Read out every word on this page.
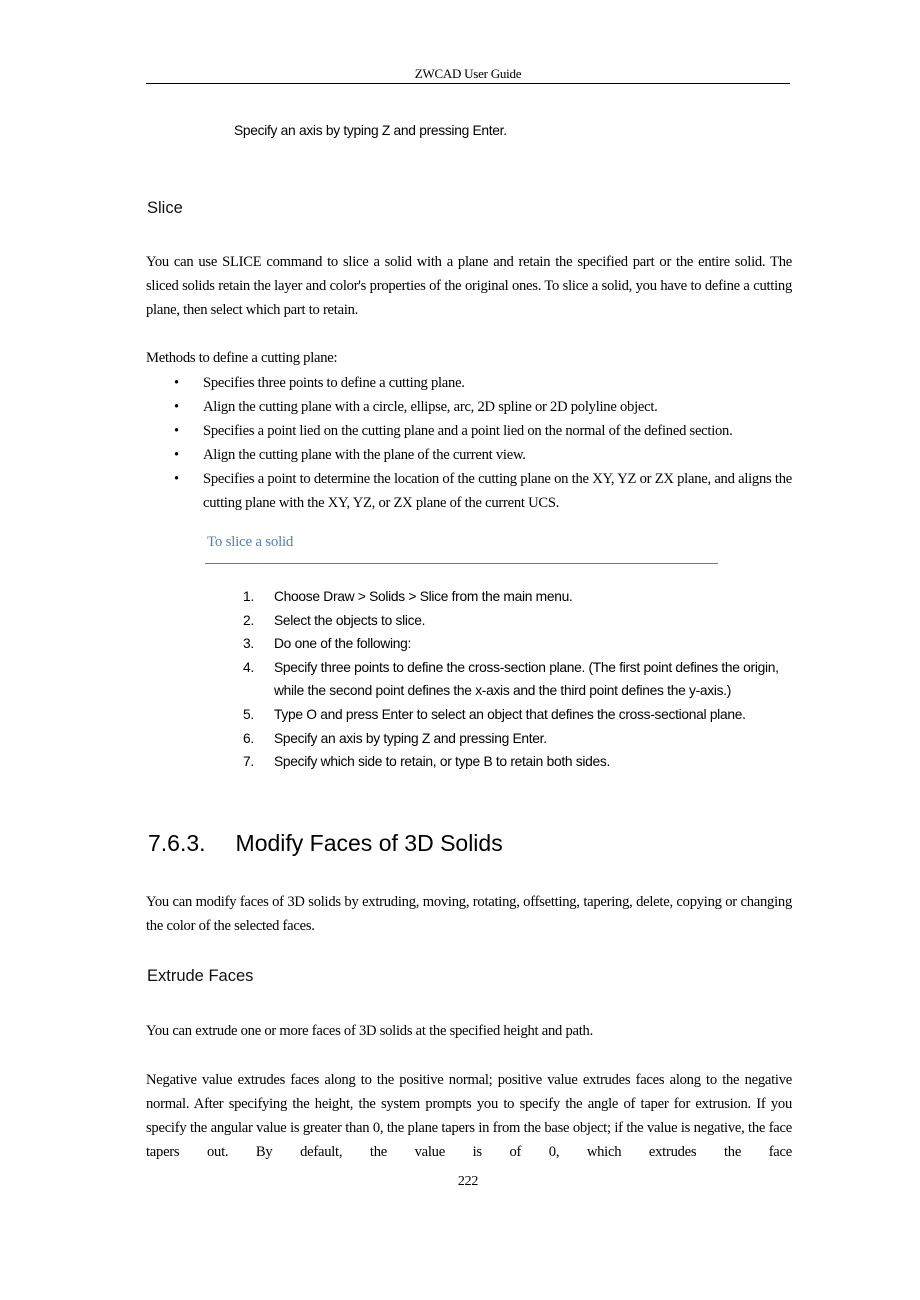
ZWCAD User Guide
Specify an axis by typing Z and pressing Enter.
Slice
You can use SLICE command to slice a solid with a plane and retain the specified part or the entire solid. The sliced solids retain the layer and color's properties of the original ones. To slice a solid, you have to define a cutting plane, then select which part to retain.
Methods to define a cutting plane:
• Specifies three points to define a cutting plane.
• Align the cutting plane with a circle, ellipse, arc, 2D spline or 2D polyline object.
• Specifies a point lied on the cutting plane and a point lied on the normal of the defined section.
• Align the cutting plane with the plane of the current view.
• Specifies a point to determine the location of the cutting plane on the XY, YZ or ZX plane, and aligns the cutting plane with the XY, YZ, or ZX plane of the current UCS.
To slice a solid
1. Choose Draw > Solids > Slice from the main menu.
2. Select the objects to slice.
3. Do one of the following:
4. Specify three points to define the cross-section plane. (The first point defines the origin, while the second point defines the x-axis and the third point defines the y-axis.)
5. Type O and press Enter to select an object that defines the cross-sectional plane.
6. Specify an axis by typing Z and pressing Enter.
7. Specify which side to retain, or type B to retain both sides.
7.6.3. Modify Faces of 3D Solids
You can modify faces of 3D solids by extruding, moving, rotating, offsetting, tapering, delete, copying or changing the color of the selected faces.
Extrude Faces
You can extrude one or more faces of 3D solids at the specified height and path.
Negative value extrudes faces along to the positive normal; positive value extrudes faces along to the negative normal. After specifying the height, the system prompts you to specify the angle of taper for extrusion. If you specify the angular value is greater than 0, the plane tapers in from the base object; if the value is negative, the face tapers out. By default, the value is of 0, which extrudes the face
222
